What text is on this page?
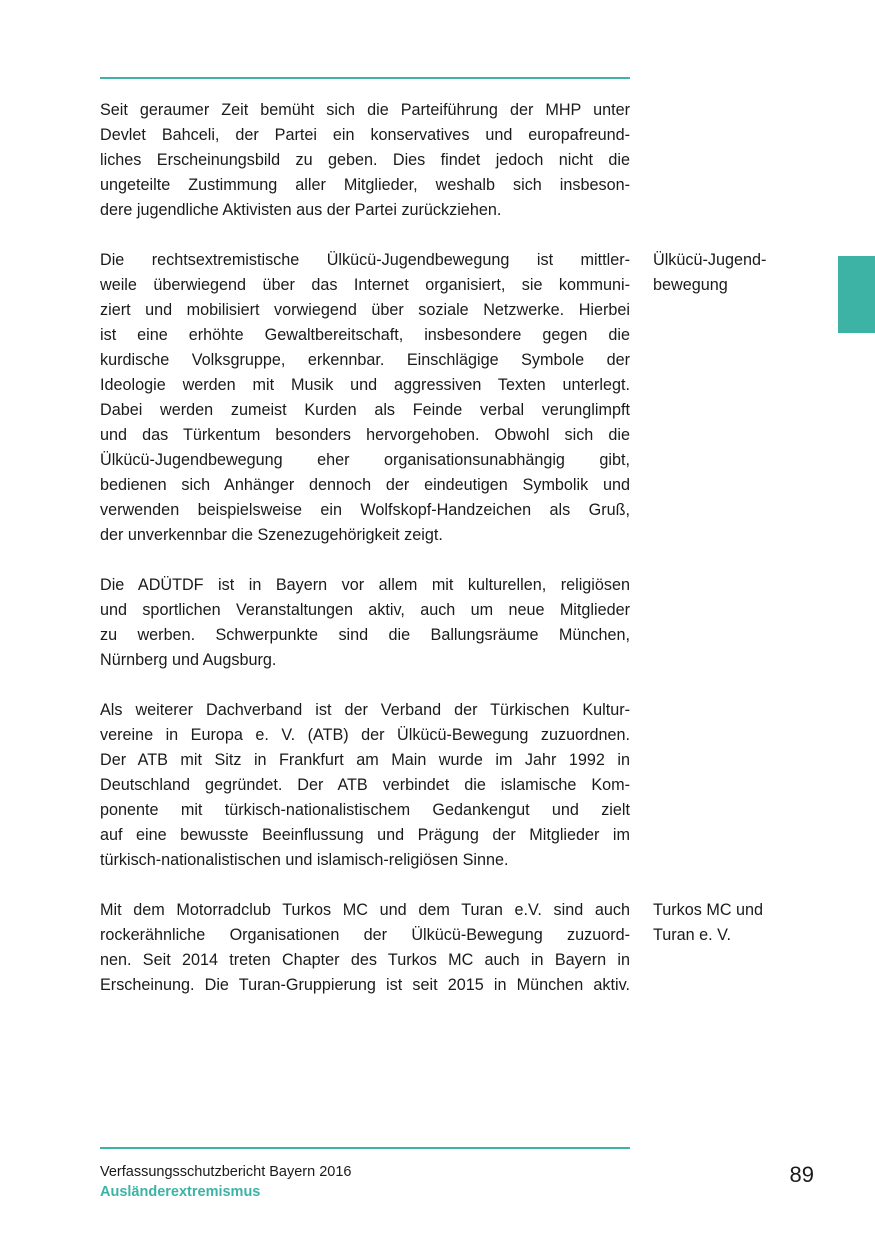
Seit geraumer Zeit bemüht sich die Parteiführung der MHP unter
Devlet Bahceli, der Partei ein konservatives und europafreund-
liches Erscheinungsbild zu geben. Dies findet jedoch nicht die
ungeteilte Zustimmung aller Mitglieder, weshalb sich insbeson-
dere jugendliche Aktivisten aus der Partei zurückziehen.

Die rechtsextremistische Ülkücü-Jugendbewegung ist mittler-
weile überwiegend über das Internet organisiert, sie kommuni-
ziert und mobilisiert vorwiegend über soziale Netzwerke. Hierbei
ist eine erhöhte Gewaltbereitschaft, insbesondere gegen die
kurdische Volksgruppe, erkennbar. Einschlägige Symbole der
Ideologie werden mit Musik und aggressiven Texten unterlegt.
Dabei werden zumeist Kurden als Feinde verbal verunglimpft
und das Türkentum besonders hervorgehoben. Obwohl sich die
Ülkücü-Jugendbewegung eher organisationsunabhängig gibt,
bedienen sich Anhänger dennoch der eindeutigen Symbolik und
verwenden beispielsweise ein Wolfskopf-Handzeichen als Gruß,
der unverkennbar die Szenezugehörigkeit zeigt.

Die ADÜTDF ist in Bayern vor allem mit kulturellen, religiösen
und sportlichen Veranstaltungen aktiv, auch um neue Mitglieder
zu werben. Schwerpunkte sind die Ballungsräume München,
Nürnberg und Augsburg.

Als weiterer Dachverband ist der Verband der Türkischen Kultur-
vereine in Europa e. V. (ATB) der Ülkücü-Bewegung zuzuordnen.
Der ATB mit Sitz in Frankfurt am Main wurde im Jahr 1992 in
Deutschland gegründet. Der ATB verbindet die islamische Kom-
ponente mit türkisch-nationalistischem Gedankengut und zielt
auf eine bewusste Beeinflussung und Prägung der Mitglieder im
türkisch-nationalistischen und islamisch-religiösen Sinne.

Mit dem Motorradclub Turkos MC und dem Turan e.V. sind auch
rockerähnliche Organisationen der Ülkücü-Bewegung zuzuord-
nen. Seit 2014 treten Chapter des Turkos MC auch in Bayern in
Erscheinung. Die Turan-Gruppierung ist seit 2015 in München aktiv.

Ülkücü-Jugend-
bewegung
Turkos MC und
Turan e. V.
Verfassungsschutzbericht Bayern 2016
Ausländerextremismus
89
